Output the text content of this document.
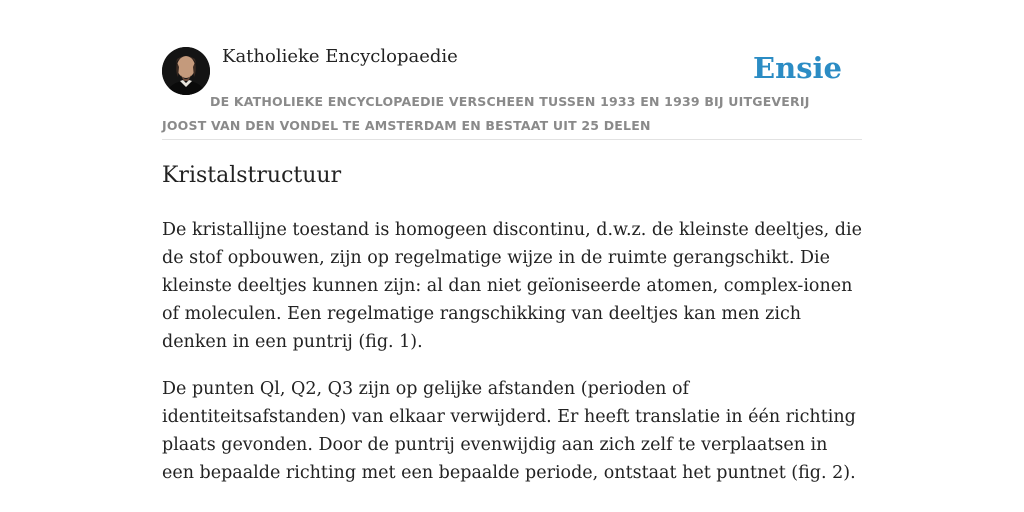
Katholieke Encyclopaedie	Ensie
DE KATHOLIEKE ENCYCLOPAEDIE VERSCHEEN TUSSEN 1933 EN 1939 BIJ UITGEVERIJ JOOST VAN DEN VONDEL TE AMSTERDAM EN BESTAAT UIT 25 DELEN
Kristalstructuur

De kristallijne toestand is homogeen discontinu, d.w.z. de kleinste deeltjes, die de stof opbouwen, zijn op regelmatige wijze in de ruimte gerangschikt. Die kleinste deeltjes kunnen zijn: al dan niet geïoniseerde atomen, complex-ionen of moleculen. Een regelmatige rangschikking van deeltjes kan men zich denken in een puntrij (fig. 1).

De punten Ql, Q2, Q3 zijn op gelijke afstanden (perioden of identiteitsafstanden) van elkaar verwijderd. Er heeft translatie in één richting plaats gevonden. Door de puntrij evenwijdig aan zich zelf te verplaatsen in een bepaalde richting met een bepaalde periode, ontstaat het puntnet (fig. 2).
